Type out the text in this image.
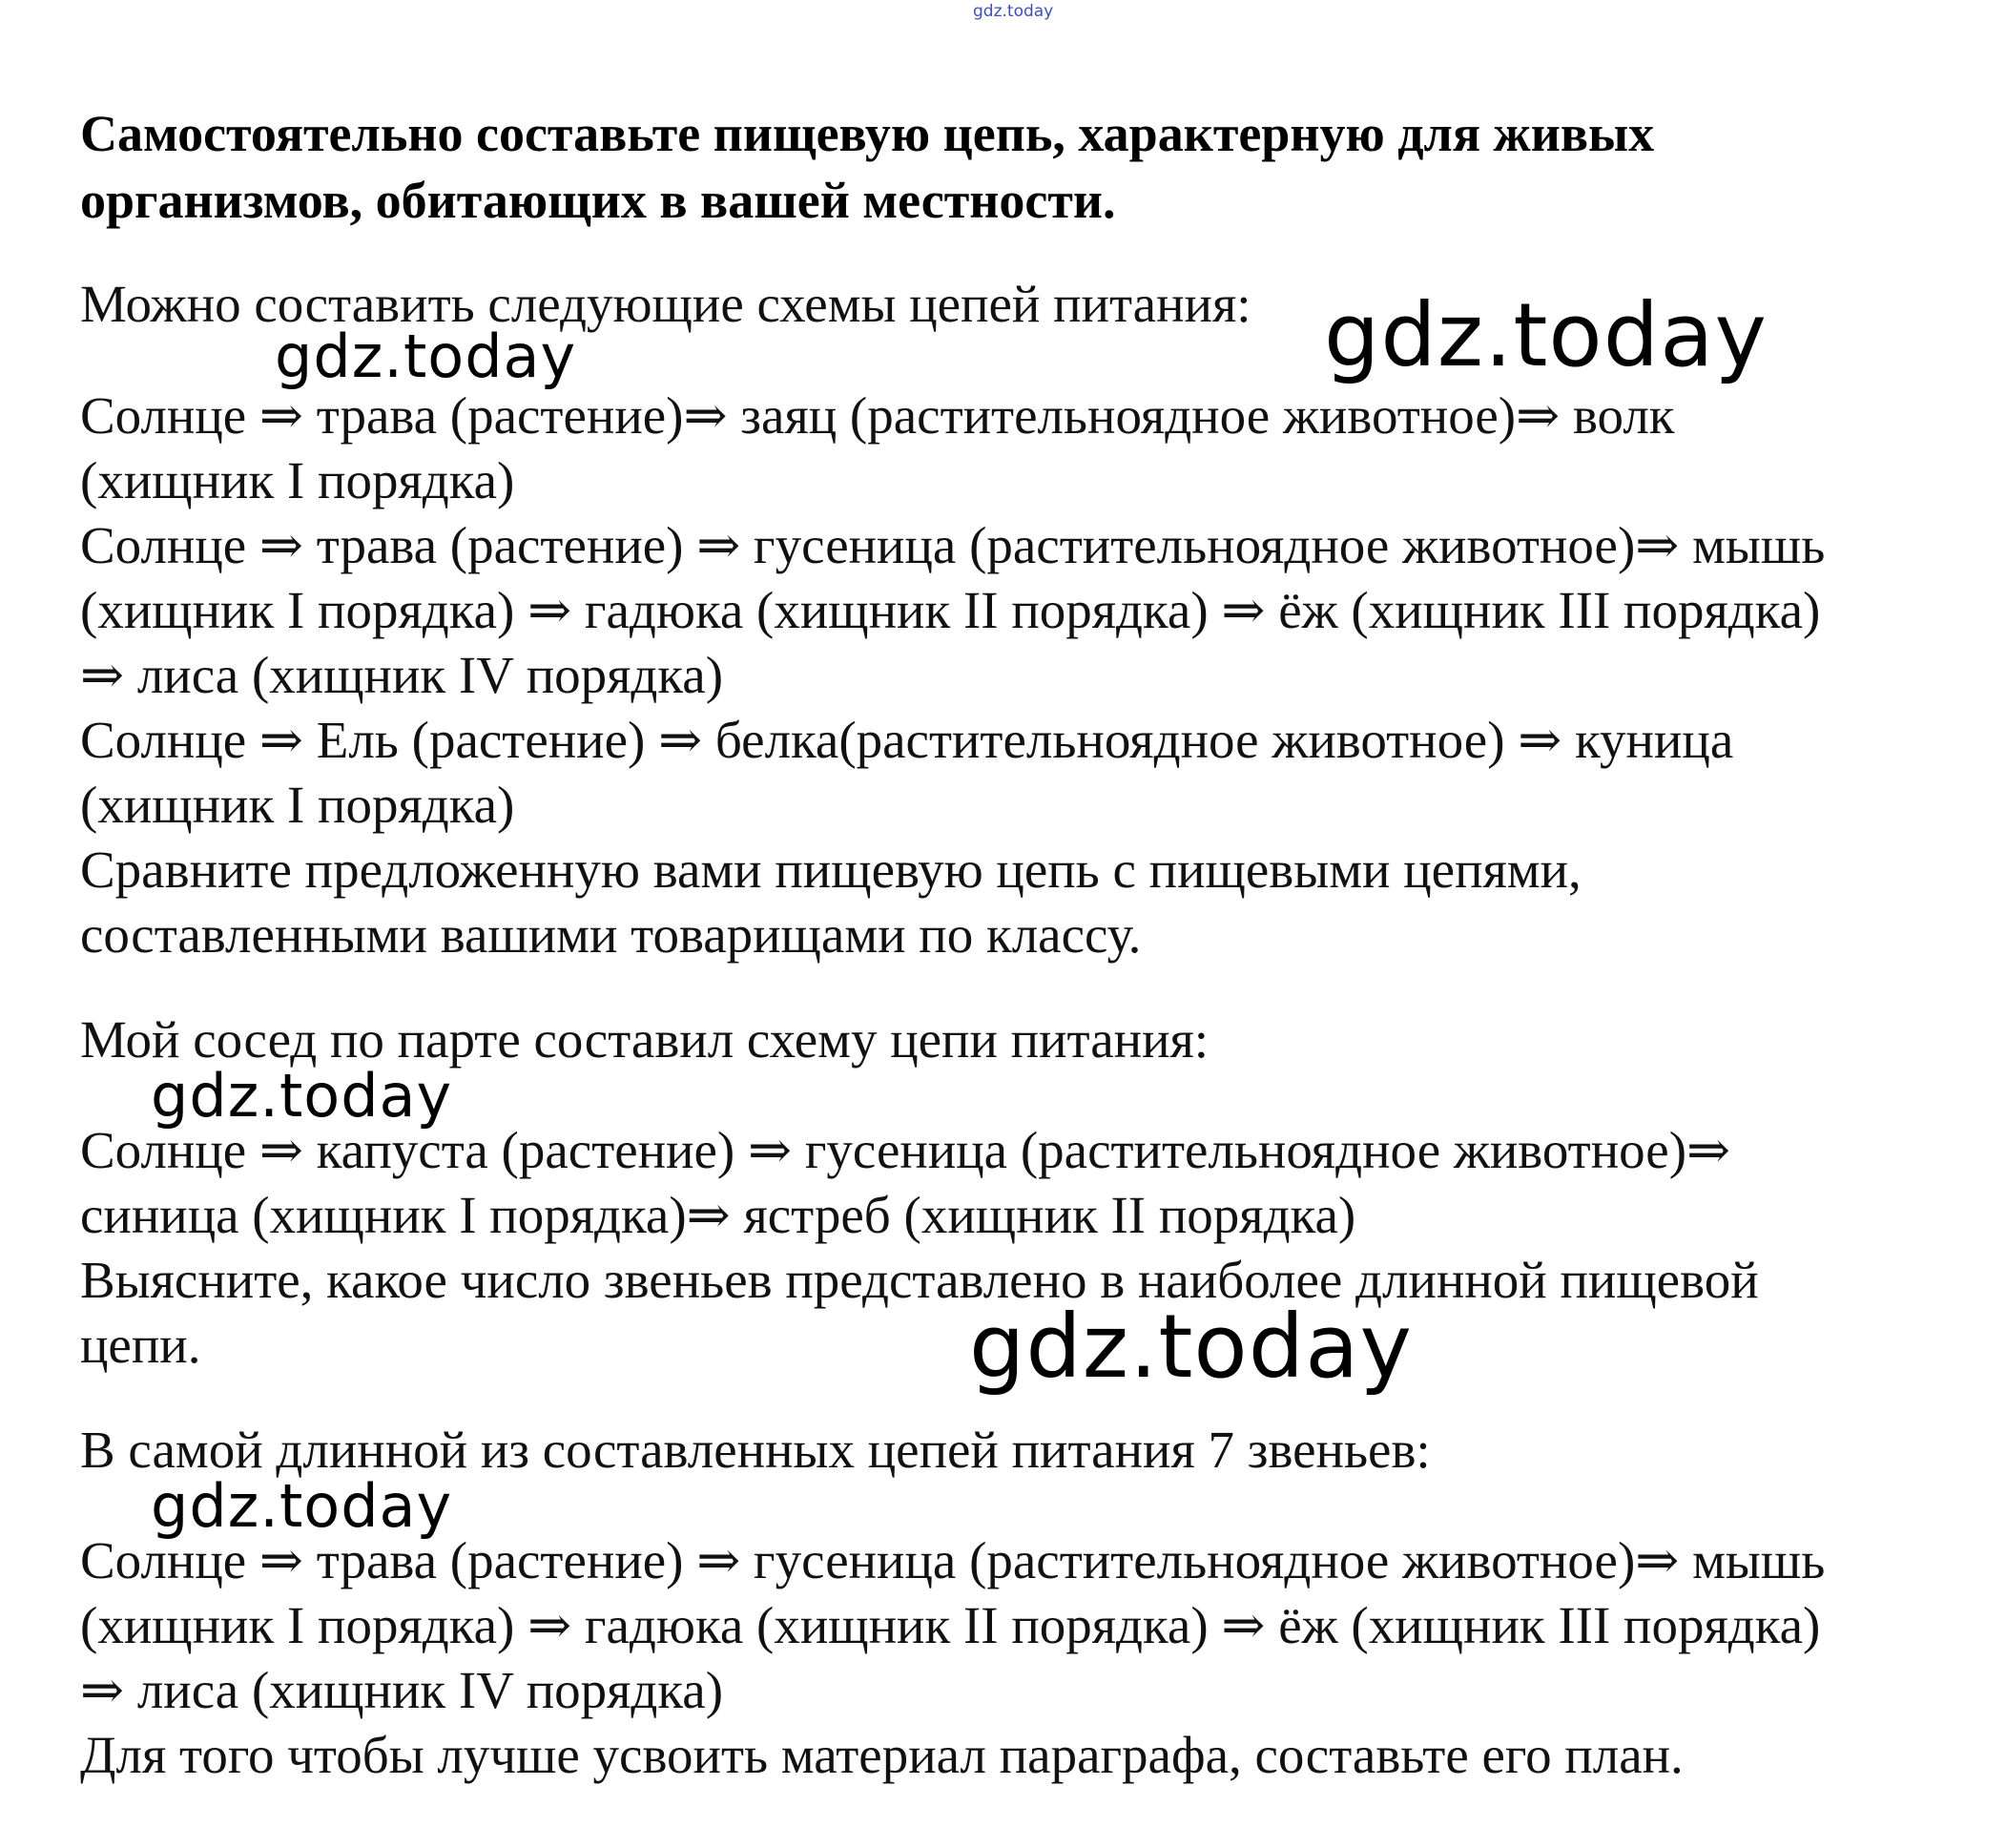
gdz.today
Самостоятельно составьте пищевую цепь, характерную для живых
организмов, обитающих в вашей местности.
Можно составить следующие схемы цепей питания:
Солнце ⇒ трава (растение)⇒ заяц (растительноядное животное)⇒ волк
(хищник I порядка)
Солнце ⇒ трава (растение) ⇒ гусеница (растительноядное животное)⇒ мышь
(хищник I порядка) ⇒ гадюка (хищник II порядка) ⇒ ёж (хищник III порядка)
⇒ лиса (хищник IV порядка)
Солнце ⇒ Ель (растение) ⇒ белка(растительноядное животное) ⇒ куница
(хищник I порядка)
Сравните предложенную вами пищевую цепь с пищевыми цепями,
составленными вашими товарищами по классу.
Мой сосед по парте составил схему цепи питания:
Солнце ⇒ капуста (растение) ⇒ гусеница (растительноядное животное)⇒
синица (хищник I порядка)⇒ ястреб (хищник II порядка)
Выясните, какое число звеньев представлено в наиболее длинной пищевой
цепи.
В самой длинной из составленных цепей питания 7 звеньев:
Солнце ⇒ трава (растение) ⇒ гусеница (растительноядное животное)⇒ мышь
(хищник I порядка) ⇒ гадюка (хищник II порядка) ⇒ ёж (хищник III порядка)
⇒ лиса (хищник IV порядка)
Для того чтобы лучше усвоить материал параграфа, составьте его план.
gdz.today
gdz.today
gdz.today
gdz.today
gdz.today
